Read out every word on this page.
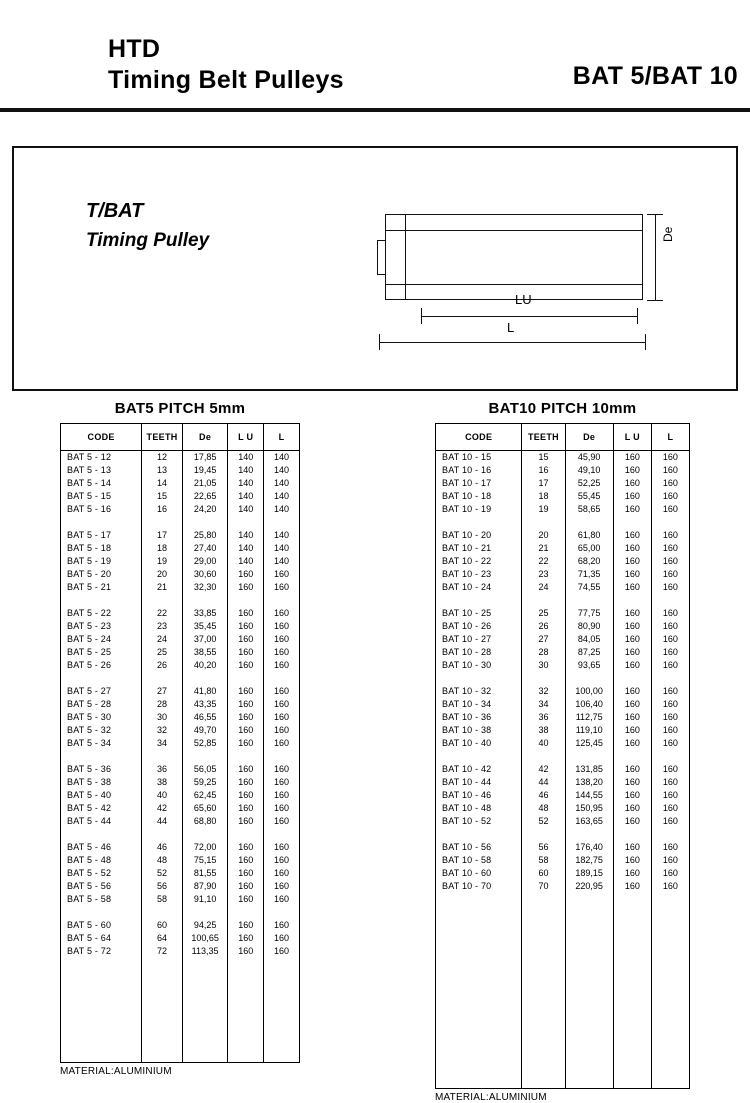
HTD
Timing Belt Pulleys	BAT 5/BAT 10
T/BAT
Timing Pulley	De
LU
L
BAT5 PITCH 5mm
CODE	TEETH	De	L U	L
BAT 5 - 12	12	17,85	140	140
BAT 5 - 13	13	19,45	140	140
BAT 5 - 14	14	21,05	140	140
BAT 5 - 15	15	22,65	140	140
BAT 5 - 16	16	24,20	140	140

BAT 5 - 17	17	25,80	140	140
BAT 5 - 18	18	27,40	140	140
BAT 5 - 19	19	29,00	140	140
BAT 5 - 20	20	30,60	160	160
BAT 5 - 21	21	32,30	160	160

BAT 5 - 22	22	33,85	160	160
BAT 5 - 23	23	35,45	160	160
BAT 5 - 24	24	37,00	160	160
BAT 5 - 25	25	38,55	160	160
BAT 5 - 26	26	40,20	160	160

BAT 5 - 27	27	41,80	160	160
BAT 5 - 28	28	43,35	160	160
BAT 5 - 30	30	46,55	160	160
BAT 5 - 32	32	49,70	160	160
BAT 5 - 34	34	52,85	160	160

BAT 5 - 36	36	56,05	160	160
BAT 5 - 38	38	59,25	160	160
BAT 5 - 40	40	62,45	160	160
BAT 5 - 42	42	65,60	160	160
BAT 5 - 44	44	68,80	160	160

BAT 5 - 46	46	72,00	160	160
BAT 5 - 48	48	75,15	160	160
BAT 5 - 52	52	81,55	160	160
BAT 5 - 56	56	87,90	160	160
BAT 5 - 58	58	91,10	160	160

BAT 5 - 60	60	94,25	160	160
BAT 5 - 64	64	100,65	160	160
BAT 5 - 72	72	113,35	160	160

MATERIAL:ALUMINIUM
BAT10 PITCH 10mm
CODE	TEETH	De	L U	L
BAT 10 - 15	15	45,90	160	160
BAT 10 - 16	16	49,10	160	160
BAT 10 - 17	17	52,25	160	160
BAT 10 - 18	18	55,45	160	160
BAT 10 - 19	19	58,65	160	160

BAT 10 - 20	20	61,80	160	160
BAT 10 - 21	21	65,00	160	160
BAT 10 - 22	22	68,20	160	160
BAT 10 - 23	23	71,35	160	160
BAT 10 - 24	24	74,55	160	160

BAT 10 - 25	25	77,75	160	160
BAT 10 - 26	26	80,90	160	160
BAT 10 - 27	27	84,05	160	160
BAT 10 - 28	28	87,25	160	160
BAT 10 - 30	30	93,65	160	160

BAT 10 - 32	32	100,00	160	160
BAT 10 - 34	34	106,40	160	160
BAT 10 - 36	36	112,75	160	160
BAT 10 - 38	38	119,10	160	160
BAT 10 - 40	40	125,45	160	160

BAT 10 - 42	42	131,85	160	160
BAT 10 - 44	44	138,20	160	160
BAT 10 - 46	46	144,55	160	160
BAT 10 - 48	48	150,95	160	160
BAT 10 - 52	52	163,65	160	160

BAT 10 - 56	56	176,40	160	160
BAT 10 - 58	58	182,75	160	160
BAT 10 - 60	60	189,15	160	160
BAT 10 - 70	70	220,95	160	160

MATERIAL:ALUMINIUM
